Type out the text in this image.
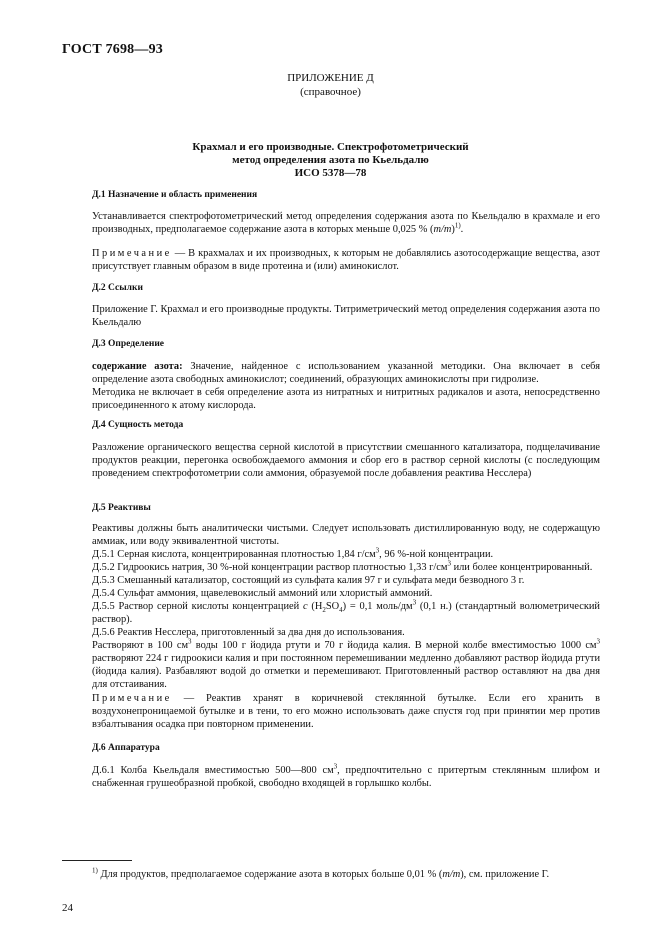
ГОСТ 7698—93
ПРИЛОЖЕНИЕ Д
(справочное)
Крахмал и его производные. Спектрофотометрический
метод определения азота по Кьельдалю
ИСО 5378—78
Д.1 Назначение и область применения

Устанавливается спектрофотометрический метод определения содержания азота по Кьельдалю в крахмале и его производных, предполагаемое содержание азота в которых меньше 0,025 % $(m/m)^{1)}$.

Примечание — В крахмалах и их производных, к которым не добавлялись азотосодержащие вещества, азот присутствует главным образом в виде протеина и (или) аминокислот.

Д.2 Ссылки
Приложение Г. Крахмал и его производные продукты. Титриметрический метод определения содержания азота по Кьельдалю
Д.3 Определение

содержание азота: Значение, найденное с использованием указанной методики. Она включает в себя определение азота свободных аминокислот; соединений, образующих аминокислоты при гидролизе.

Методика не включает в себя определение азота из нитратных и нитритных радикалов и азота, непосредственно присоединенного к атому кислорода.

Д.4 Сущность метода
Разложение органического вещества серной кислотой в присутствии смешанного катализатора, подщелачивание продуктов реакции, перегонка освобождаемого аммония и сбор его в раствор серной кислоты (с последующим проведением спектрофотометрии соли аммония, образуемой после добавления реактива Несслера)
Д.5 Реактивы

Реактивы должны быть аналитически чистыми. Следует использовать дистиллированную воду, не содержащую аммиак, или воду эквивалентной чистоты.

Д.5.1 Серная кислота, концентрированная плотностью 1,84 $г/см^3$, 96 %-ной концентрации.

Д.5.2 Гидроокись натрия, 30 %-ной концентрации раствор плотностью 1,33 $г/см^3$ или более концентрированный.

Д.5.3 Смешанный катализатор, состоящий из сульфата калия 97 г и сульфата меди безводного 3 г.

Д.5.4 Сульфат аммония, щавелевокислый аммоний или хлористый аммоний.

Д.5.5 Раствор серной кислоты концентрацией c $(H_2SO_4) = 0,1$ моль/$дм^3$ (0,1 н.) (стандартный волюметрический раствор).

Д.5.6 Реактив Несслера, приготовленный за два дня до использования.

Растворяют в 100 $см^3$ воды 100 г йодида ртути и 70 г йодида калия. В мерной колбе вместимостью 1000 $см^3$ растворяют 224 г гидроокиси калия и при постоянном перемешивании медленно добавляют раствор йодида ртути (йодида калия). Разбавляют водой до отметки и перемешивают. Приготовленный раствор оставляют на два дня для отстаивания.

Примечание — Реактив хранят в коричневой стеклянной бутылке. Если его хранить в воздухонепроницаемой бутылке и в тени, то его можно использовать даже спустя год при принятии мер против взбалтывания осадка при повторном применении.

Д.6 Аппаратура

Д.6.1 Колба Кьельдаля вместимостью 500—800 $см^3$, предпочтительно с притертым стеклянным шлифом и снабженная грушеобразной пробкой, свободно входящей в горлышко колбы.

$^{1)}$ Для продуктов, предполагаемое содержание азота в которых больше 0,01 % (m/m), см. приложение Г.
24
